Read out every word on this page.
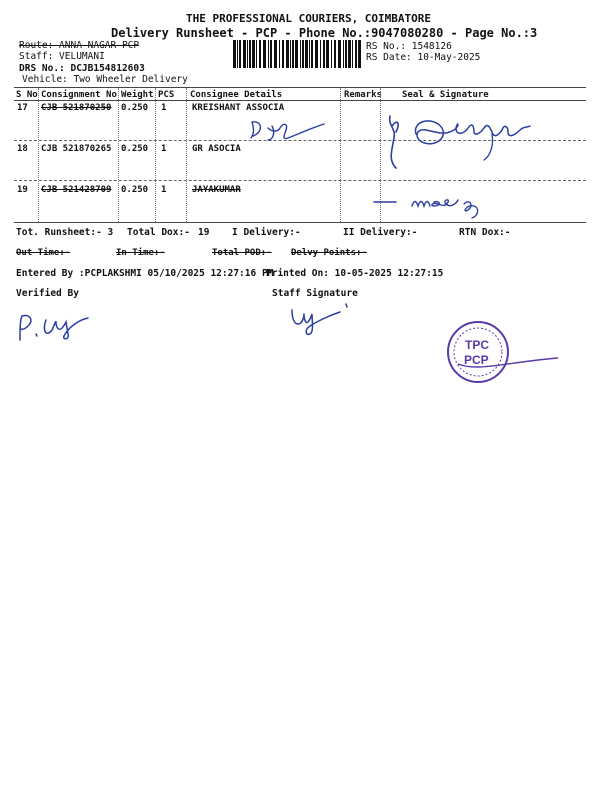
THE PROFESSIONAL COURIERS, COIMBATORE
Delivery Runsheet - PCP - Phone No.:9047080280 - Page No.:3
Route: ANNA NAGAR PCP
Staff: VELUMANI
DRS No.: DCJB154812603
Vehicle: Two Wheeler Delivery
RS No.: 1548126
RS Date: 10-May-2025
S No Consignment No Weight PCS Consignee Details	Remarks Seal & Signature
17 CJB 521870250 0.250 1	KREISHANT ASSOCIA
18 CJB 521870265 0.250 1	GR ASOCIA
19 CJB 521428709 0.250 1	JAYAKUMAR
Tot. Runsheet:- 3 Total Dox:- 19 I Delivery:-	II Delivery:-	RTN Dox:-
Out Time:-	In Time:-	Total POD:- Delvy Points:-
Entered By :PCPLAKSHMI 05/10/2025 12:27:16 PM
Printed On: 10-05-2025 12:27:15
Verified By	Staff Signature
TPC
PCP
